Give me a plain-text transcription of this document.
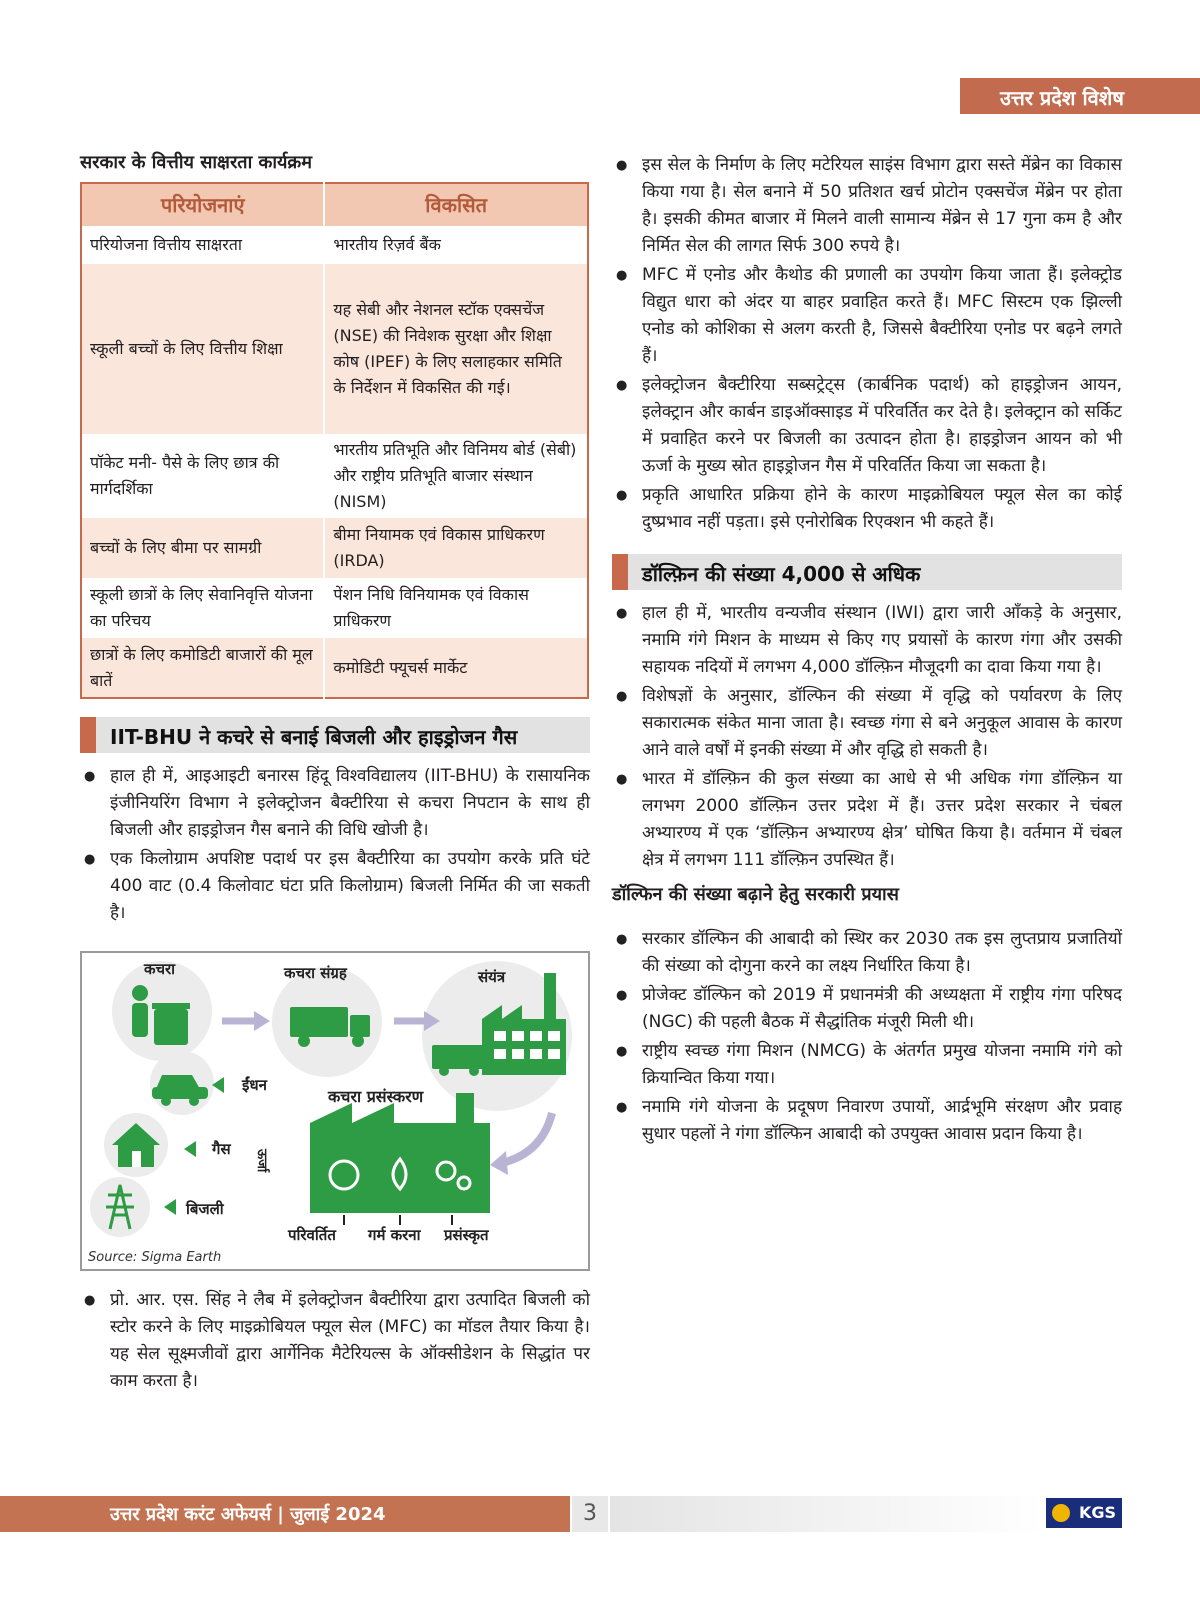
उत्तर प्रदेश विशेष
सरकार के वित्तीय साक्षरता कार्यक्रम
परियोजनाएं	विकसित
परियोजना वित्तीय साक्षरता	भारतीय रिज़र्व बैंक
स्कूली बच्चों के लिए वित्तीय शिक्षा	यह सेबी और नेशनल स्टॉक एक्सचेंज (NSE) की निवेशक सुरक्षा और शिक्षा कोष (IPEF) के लिए सलाहकार समिति के निर्देशन में विकसित की गई।
पॉकेट मनी- पैसे के लिए छात्र की मार्गदर्शिका	भारतीय प्रतिभूति और विनिमय बोर्ड (सेबी) और राष्ट्रीय प्रतिभूति बाजार संस्थान (NISM)
बच्चों के लिए बीमा पर सामग्री	बीमा नियामक एवं विकास प्राधिकरण (IRDA)
स्कूली छात्रों के लिए सेवानिवृत्ति योजना का परिचय	पेंशन निधि विनियामक एवं विकास प्राधिकरण
छात्रों के लिए कमोडिटी बाजारों की मूल बातें	कमोडिटी फ्यूचर्स मार्केट
IIT-BHU ने कचरे से बनाई बिजली और हाइड्रोजन गैस
● हाल ही में, आइआइटी बनारस हिंदू विश्वविद्यालय (IIT-BHU) के रासायनिक इंजीनियरिंग विभाग ने इलेक्ट्रोजन बैक्टीरिया से कचरा निपटान के साथ ही बिजली और हाइड्रोजन गैस बनाने की विधि खोजी है।
● एक किलोग्राम अपशिष्ट पदार्थ पर इस बैक्टीरिया का उपयोग करके प्रति घंटे 400 वाट (0.4 किलोवाट घंटा प्रति किलोग्राम) बिजली निर्मित की जा सकती है।
कचरा	कचरा संग्रह	संयंत्र
ईंधन
गैस
बिजली
कचरा प्रसंस्करण
ऊर्जा
परिवर्तित गर्म करना प्रसंस्कृत
Source: Sigma Earth
● प्रो. आर. एस. सिंह ने लैब में इलेक्ट्रोजन बैक्टीरिया द्वारा उत्पादित बिजली को स्टोर करने के लिए माइक्रोबियल फ्यूल सेल (MFC) का मॉडल तैयार किया है। यह सेल सूक्ष्मजीवों द्वारा आर्गेनिक मैटेरियल्स के ऑक्सीडेशन के सिद्धांत पर काम करता है।
● इस सेल के निर्माण के लिए मटेरियल साइंस विभाग द्वारा सस्ते मेंब्रेन का विकास किया गया है। सेल बनाने में 50 प्रतिशत खर्च प्रोटोन एक्सचेंज मेंब्रेन पर होता है। इसकी कीमत बाजार में मिलने वाली सामान्य मेंब्रेन से 17 गुना कम है और निर्मित सेल की लागत सिर्फ 300 रुपये है।
● MFC में एनोड और कैथोड की प्रणाली का उपयोग किया जाता हैं। इलेक्ट्रोड विद्युत धारा को अंदर या बाहर प्रवाहित करते हैं। MFC सिस्टम एक झिल्ली एनोड को कोशिका से अलग करती है, जिससे बैक्टीरिया एनोड पर बढ़ने लगते हैं।
● इलेक्ट्रोजन बैक्टीरिया सब्सट्रेट्स (कार्बनिक पदार्थ) को हाइड्रोजन आयन, इलेक्ट्रान और कार्बन डाइऑक्साइड में परिवर्तित कर देते है। इलेक्ट्रान को सर्किट में प्रवाहित करने पर बिजली का उत्पादन होता है। हाइड्रोजन आयन को भी ऊर्जा के मुख्य स्रोत हाइड्रोजन गैस में परिवर्तित किया जा सकता है।
● प्रकृति आधारित प्रक्रिया होने के कारण माइक्रोबियल फ्यूल सेल का कोई दुष्प्रभाव नहीं पड़ता। इसे एनोरोबिक रिएक्शन भी कहते हैं।
डॉल्फ़िन की संख्या 4,000 से अधिक
● हाल ही में, भारतीय वन्यजीव संस्थान (IWI) द्वारा जारी आँकड़े के अनुसार, नमामि गंगे मिशन के माध्यम से किए गए प्रयासों के कारण गंगा और उसकी सहायक नदियों में लगभग 4,000 डॉल्फ़िन मौजूदगी का दावा किया गया है।
● विशेषज्ञों के अनुसार, डॉल्फिन की संख्या में वृद्धि को पर्यावरण के लिए सकारात्मक संकेत माना जाता है। स्वच्छ गंगा से बने अनुकूल आवास के कारण आने वाले वर्षों में इनकी संख्या में और वृद्धि हो सकती है।
● भारत में डॉल्फ़िन की कुल संख्या का आधे से भी अधिक गंगा डॉल्फ़िन या लगभग 2000 डॉल्फ़िन उत्तर प्रदेश में हैं। उत्तर प्रदेश सरकार ने चंबल अभ्यारण्य में एक ‘डॉल्फ़िन अभ्यारण्य क्षेत्र’ घोषित किया है। वर्तमान में चंबल क्षेत्र में लगभग 111 डॉल्फ़िन उपस्थित हैं।
डॉल्फिन की संख्या बढ़ाने हेतु सरकारी प्रयास
● सरकार डॉल्फिन की आबादी को स्थिर कर 2030 तक इस लुप्तप्राय प्रजातियों की संख्या को दोगुना करने का लक्ष्य निर्धारित किया है।
● प्रोजेक्ट डॉल्फिन को 2019 में प्रधानमंत्री की अध्यक्षता में राष्ट्रीय गंगा परिषद (NGC) की पहली बैठक में सैद्धांतिक मंजूरी मिली थी।
● राष्ट्रीय स्वच्छ गंगा मिशन (NMCG) के अंतर्गत प्रमुख योजना नमामि गंगे को क्रियान्वित किया गया।
● नमामि गंगे योजना के प्रदूषण निवारण उपायों, आर्द्रभूमि संरक्षण और प्रवाह सुधार पहलों ने गंगा डॉल्फिन आबादी को उपयुक्त आवास प्रदान किया है।
उत्तर प्रदेश करंट अफेयर्स | जुलाई 2024	3	KGS
